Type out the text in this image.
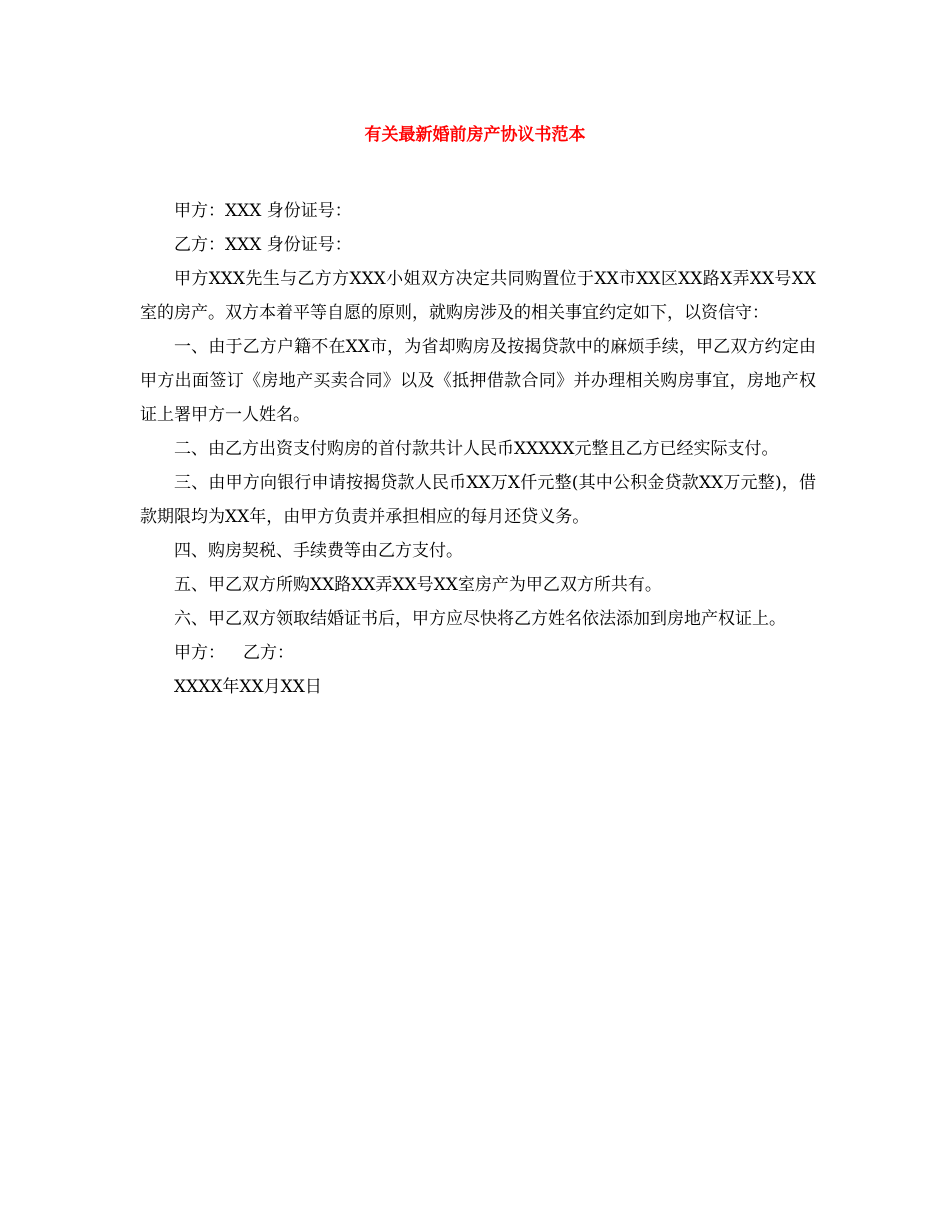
有关最新婚前房产协议书范本

甲方：XXX 身份证号：

乙方：XXX 身份证号：

甲方XXX先生与乙方方XXX小姐双方决定共同购置位于XX市XX区XX路X弄XX号XX室的房产。双方本着平等自愿的原则，就购房涉及的相关事宜约定如下，以资信守：

一、由于乙方户籍不在XX市，为省却购房及按揭贷款中的麻烦手续，甲乙双方约定由甲方出面签订《房地产买卖合同》以及《抵押借款合同》并办理相关购房事宜，房地产权证上署甲方一人姓名。

二、由乙方出资支付购房的首付款共计人民币XXXXX元整且乙方已经实际支付。

三、由甲方向银行申请按揭贷款人民币XX万X仟元整(其中公积金贷款XX万元整)，借款期限均为XX年，由甲方负责并承担相应的每月还贷义务。

四、购房契税、手续费等由乙方支付。

五、甲乙双方所购XX路XX弄XX号XX室房产为甲乙双方所共有。

六、甲乙双方领取结婚证书后，甲方应尽快将乙方姓名依法添加到房地产权证上。

甲方： 乙方：

XXXX年XX月XX日
